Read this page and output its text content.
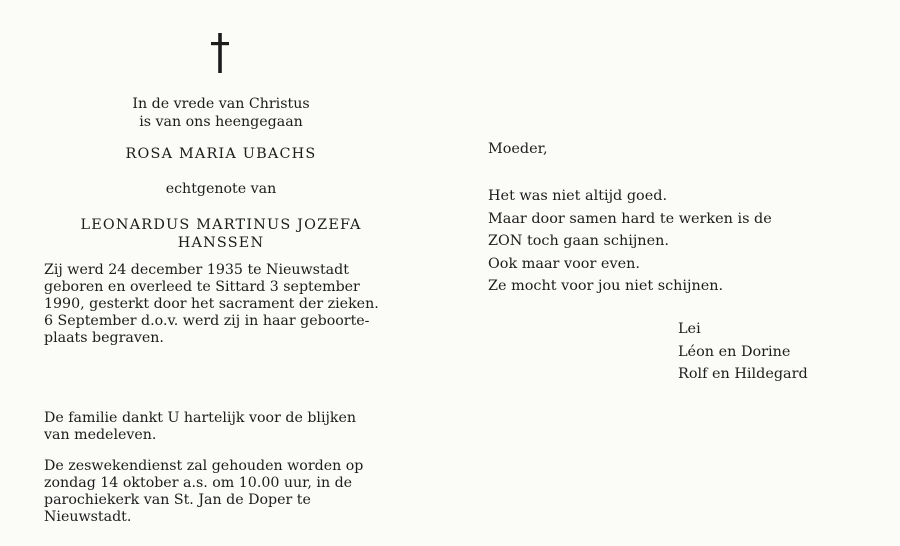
In de vrede van Christus
is van ons heengegaan
ROSA MARIA UBACHS
echtgenote van
LEONARDUS MARTINUS JOZEFA
HANSSEN
Zij werd 24 december 1935 te Nieuwstadt
geboren en overleed te Sittard 3 september
1990, gesterkt door het sacrament der zieken.
6 September d.o.v. werd zij in haar geboorte-
plaats begraven.
De familie dankt U hartelijk voor de blijken
van medeleven.
De zeswekendienst zal gehouden worden op
zondag 14 oktober a.s. om 10.00 uur, in de
parochiekerk van St. Jan de Doper te
Nieuwstadt.
Moeder,
Het was niet altijd goed.
Maar door samen hard te werken is de
ZON toch gaan schijnen.
Ook maar voor even.
Ze mocht voor jou niet schijnen.
Lei
Léon en Dorine
Rolf en Hildegard
